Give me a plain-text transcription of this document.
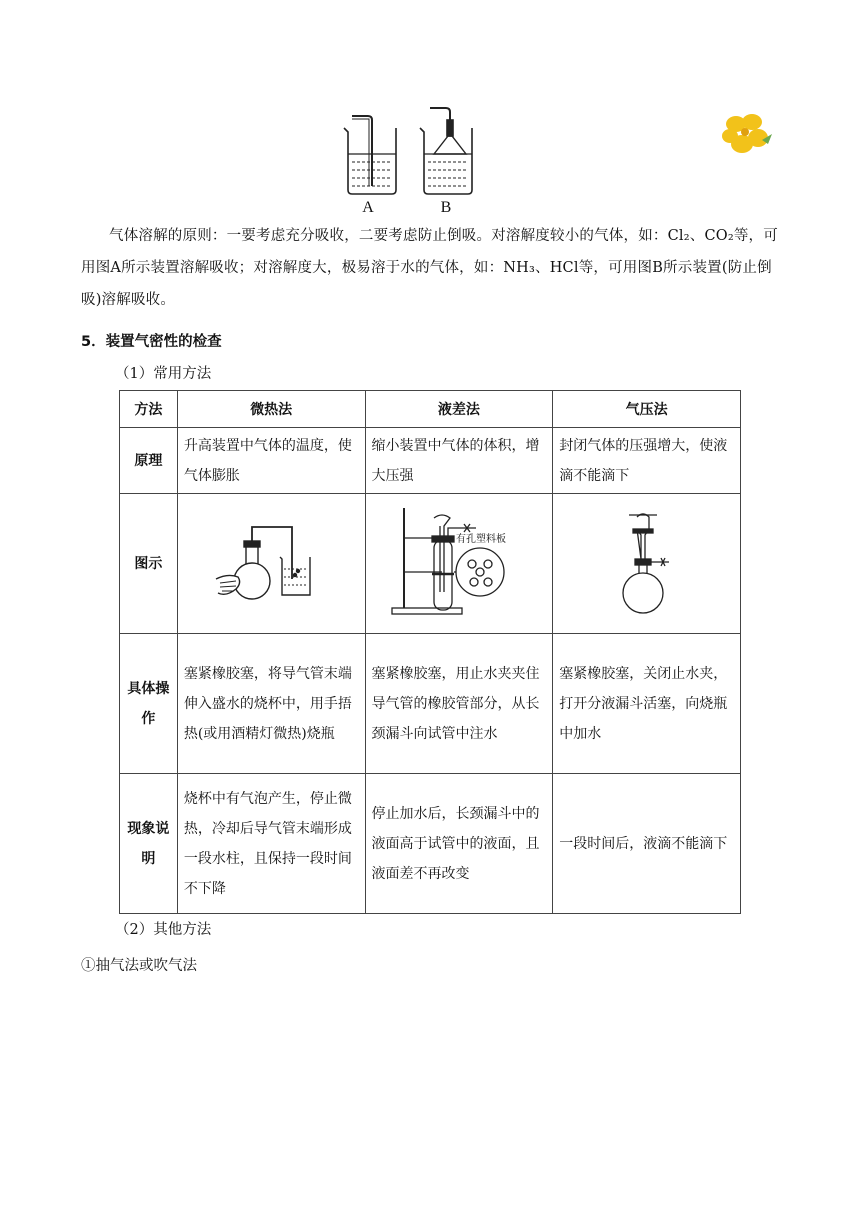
A	B
气体溶解的原则：一要考虑充分吸收，二要考虑防止倒吸。对溶解度较小的气体，如：Cl₂、CO₂等，可用图A所示装置溶解吸收；对溶解度大，极易溶于水的气体，如：NH₃、HCl等，可用图B所示装置(防止倒吸)溶解吸收。
5．装置气密性的检查
（1）常用方法
方法	微热法	液差法	气压法
原理	升高装置中气体的温度，使气体膨胀	缩小装置中气体的体积，增大压强	封闭气体的压强增大，使液滴不能滴下
图示		有孔塑料板

具体操作	塞紧橡胶塞，将导气管末端伸入盛水的烧杯中，用手捂热(或用酒精灯微热)烧瓶	塞紧橡胶塞，用止水夹夹住导气管的橡胶管部分，从长颈漏斗向试管中注水	塞紧橡胶塞，关闭止水夹，打开分液漏斗活塞，向烧瓶中加水
现象说明	烧杯中有气泡产生，停止微热，冷却后导气管末端形成一段水柱，且保持一段时间不下降	停止加水后，长颈漏斗中的液面高于试管中的液面，且液面差不再改变	一段时间后，液滴不能滴下
（2）其他方法
①抽气法或吹气法
